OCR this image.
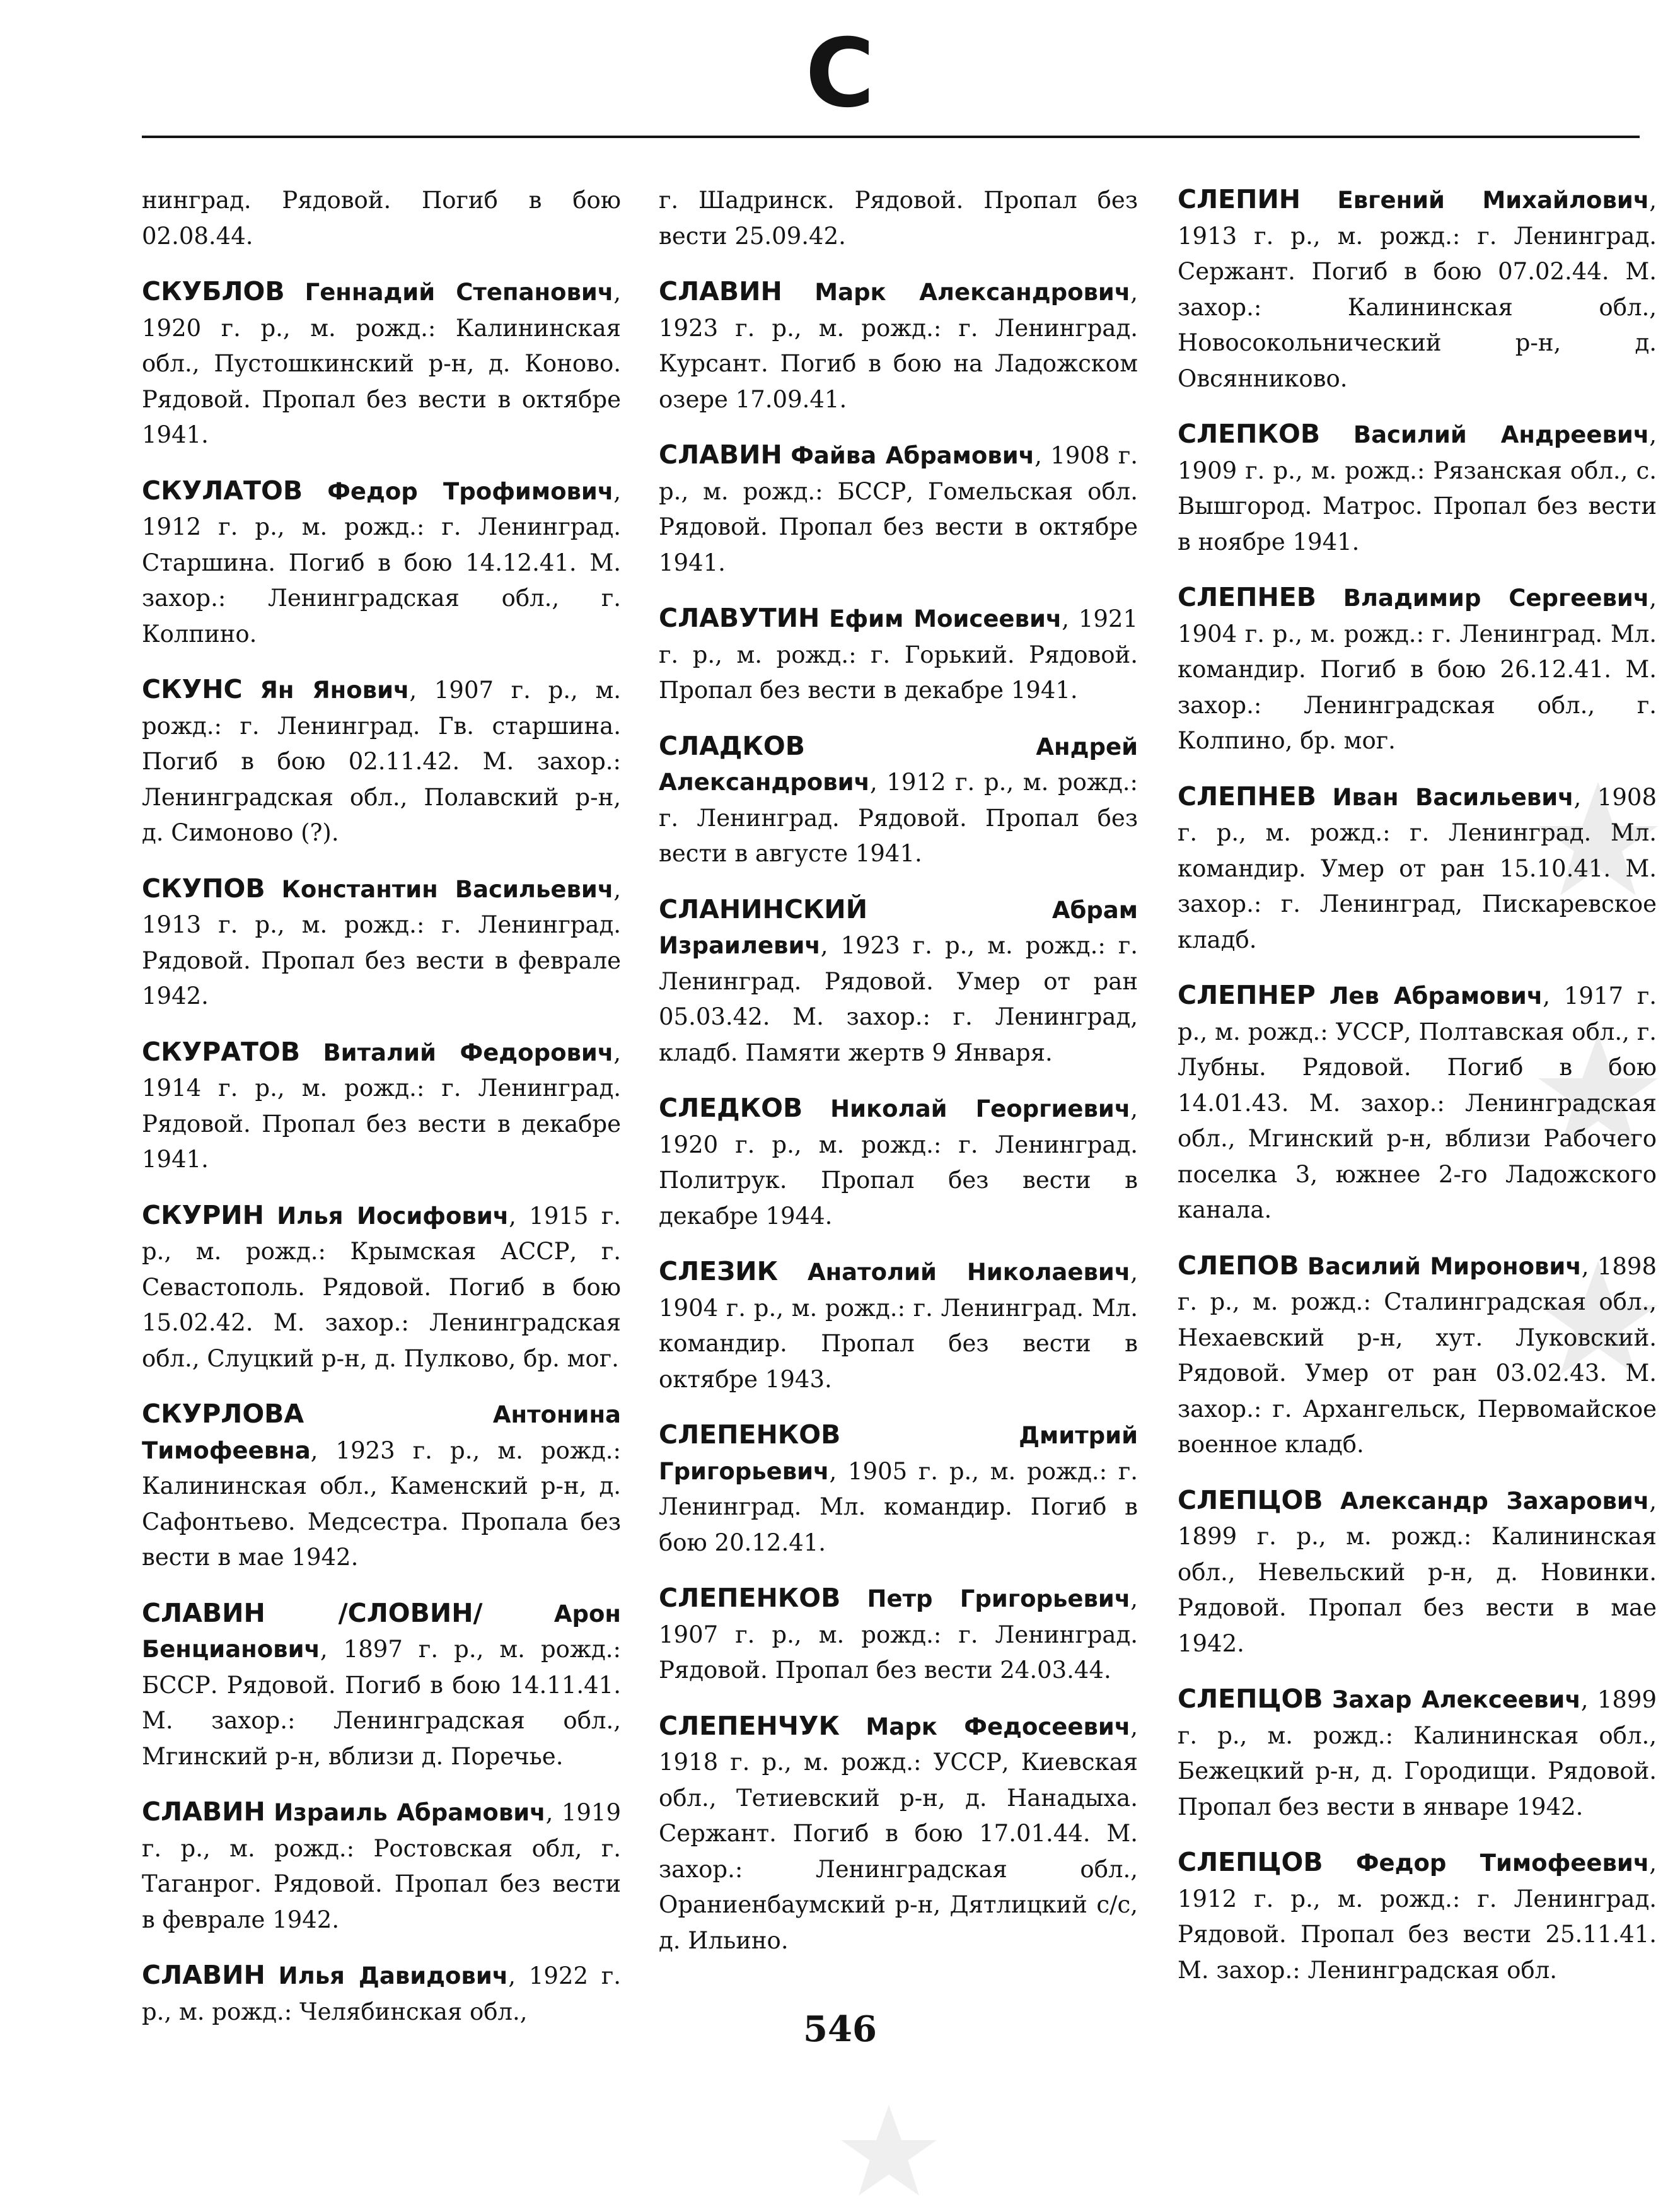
С

нинград. Рядовой. Погиб в бою 02.08.44.

СКУБЛОВ Геннадий Степанович, 1920 г. р., м. рожд.: Калининская обл., Пустошкинский р-н, д. Коново. Рядовой. Пропал без вести в октябре 1941.

СКУЛАТОВ Федор Трофимович, 1912 г. р., м. рожд.: г. Ленинград. Старшина. Погиб в бою 14.12.41. М. захор.: Ленинградская обл., г. Колпино.

СКУНС Ян Янович, 1907 г. р., м. рожд.: г. Ленинград. Гв. старшина. Погиб в бою 02.11.42. М. захор.: Ленинградская обл., Полавский р-н, д. Симоново (?).

СКУПОВ Константин Васильевич, 1913 г. р., м. рожд.: г. Ленинград. Рядовой. Пропал без вести в феврале 1942.

СКУРАТОВ Виталий Федорович, 1914 г. р., м. рожд.: г. Ленинград. Рядовой. Пропал без вести в декабре 1941.

СКУРИН Илья Иосифович, 1915 г. р., м. рожд.: Крымская АССР, г. Севастополь. Рядовой. Погиб в бою 15.02.42. М. захор.: Ленинградская обл., Слуцкий р-н, д. Пулково, бр. мог.

СКУРЛОВА	Антонина Тимофеевна, 1923 г. р., м. рожд.: Калининская обл., Каменский р-н, д. Сафонтьево. Медсестра. Пропала без вести в мае 1942.

СЛАВИН /СЛОВИН/	Арон Бенцианович, 1897 г. р., м. рожд.: БССР. Рядовой. Погиб в бою 14.11.41. М. захор.: Ленинградская обл., Мгинский р-н, вблизи д. Поречье.

СЛАВИН Израиль Абрамович, 1919 г. р., м. рожд.: Ростовская обл, г. Таганрог. Рядовой. Пропал без вести в феврале 1942.

СЛАВИН Илья Давидович, 1922 г. р., м. рожд.: Челябинская обл.,

г. Шадринск. Рядовой. Пропал без вести 25.09.42.

СЛАВИН Марк Александрович, 1923 г. р., м. рожд.: г. Ленинград. Курсант. Погиб в бою на Ладожском озере 17.09.41.

СЛАВИН Файва Абрамович, 1908 г. р., м. рожд.: БССР, Гомельская обл. Рядовой. Пропал без вести в октябре 1941.

СЛАВУТИН Ефим Моисеевич, 1921 г. р., м. рожд.: г. Горький. Рядовой. Пропал без вести в декабре 1941.

СЛАДКОВ	Андрей Александрович, 1912 г. р., м. рожд.: г. Ленинград. Рядовой. Пропал без вести в августе 1941.

СЛАНИНСКИЙ	Абрам Израилевич, 1923 г. р., м. рожд.: г. Ленинград. Рядовой. Умер от ран 05.03.42. М. захор.: г. Ленинград, кладб. Памяти жертв 9 Января.

СЛЕДКОВ Николай Георгиевич, 1920 г. р., м. рожд.: г. Ленинград. Политрук. Пропал без вести в декабре 1944.

СЛЕЗИК Анатолий Николаевич, 1904 г. р., м. рожд.: г. Ленинград. Мл. командир. Пропал без вести в октябре 1943.

СЛЕПЕНКОВ	Дмитрий Григорьевич, 1905 г. р., м. рожд.: г. Ленинград. Мл. командир. Погиб в бою 20.12.41.

СЛЕПЕНКОВ Петр Григорьевич, 1907 г. р., м. рожд.: г. Ленинград. Рядовой. Пропал без вести 24.03.44.

СЛЕПЕНЧУК Марк Федосеевич, 1918 г. р., м. рожд.: УССР, Киевская обл., Тетиевский р-н, д. Нанадыха. Сержант. Погиб в бою 17.01.44. М. захор.: Ленинградская обл., Ораниенбаумский р-н, Дятлицкий с/с, д. Ильино.

СЛЕПИН Евгений Михайлович, 1913 г. р., м. рожд.: г. Ленинград. Сержант. Погиб в бою 07.02.44. М. захор.: Калининская обл., Новосокольнический р-н, д. Овсянниково.

СЛЕПКОВ Василий Андреевич, 1909 г. р., м. рожд.: Рязанская обл., с. Вышгород. Матрос. Пропал без вести в ноябре 1941.

СЛЕПНЕВ Владимир Сергеевич, 1904 г. р., м. рожд.: г. Ленинград. Мл. командир. Погиб в бою 26.12.41. М. захор.: Ленинградская обл., г. Колпино, бр. мог.

СЛЕПНЕВ Иван Васильевич, 1908 г. р., м. рожд.: г. Ленинград. Мл. командир. Умер от ран 15.10.41. М. захор.: г. Ленинград, Пискаревское кладб.

СЛЕПНЕР Лев Абрамович, 1917 г. р., м. рожд.: УССР, Полтавская обл., г. Лубны. Рядовой. Погиб в бою 14.01.43. М. захор.: Ленинградская обл., Мгинский р-н, вблизи Рабочего поселка 3, южнее 2-го Ладожского канала.

СЛЕПОВ Василий Миронович, 1898 г. р., м. рожд.: Сталинградская обл., Нехаевский р-н, хут. Луковский. Рядовой. Умер от ран 03.02.43. М. захор.: г. Архангельск, Первомайское военное кладб.

СЛЕПЦОВ Александр Захарович, 1899 г. р., м. рожд.: Калининская обл., Невельский р-н, д. Новинки. Рядовой. Пропал без вести в мае 1942.

СЛЕПЦОВ Захар Алексеевич, 1899 г. р., м. рожд.: Калининская обл., Бежецкий р-н, д. Городищи. Рядовой. Пропал без вести в январе 1942.

СЛЕПЦОВ Федор Тимофеевич, 1912 г. р., м. рожд.: г. Ленинград. Рядовой. Пропал без вести 25.11.41. М. захор.: Ленинградская обл.

546
